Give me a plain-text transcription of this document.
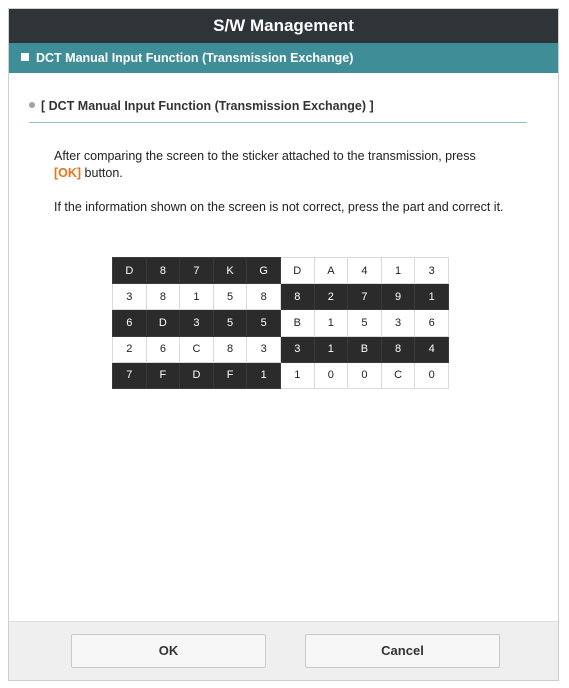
S/W Management
DCT Manual Input Function (Transmission Exchange)
[ DCT Manual Input Function (Transmission Exchange) ]
After comparing the screen to the sticker attached to the transmission, press
[OK] button.
If the information shown on the screen is not correct, press the part and correct it.
D	8	7	K	G	D	A	4	1	3
3	8	1	5	8	8	2	7	9	1
6	D	3	5	5	B	1	5	3	6
2	6	C	8	3	3	1	B	8	4
7	F	D	F	1	1	0	0	C	0
OK	Cancel
